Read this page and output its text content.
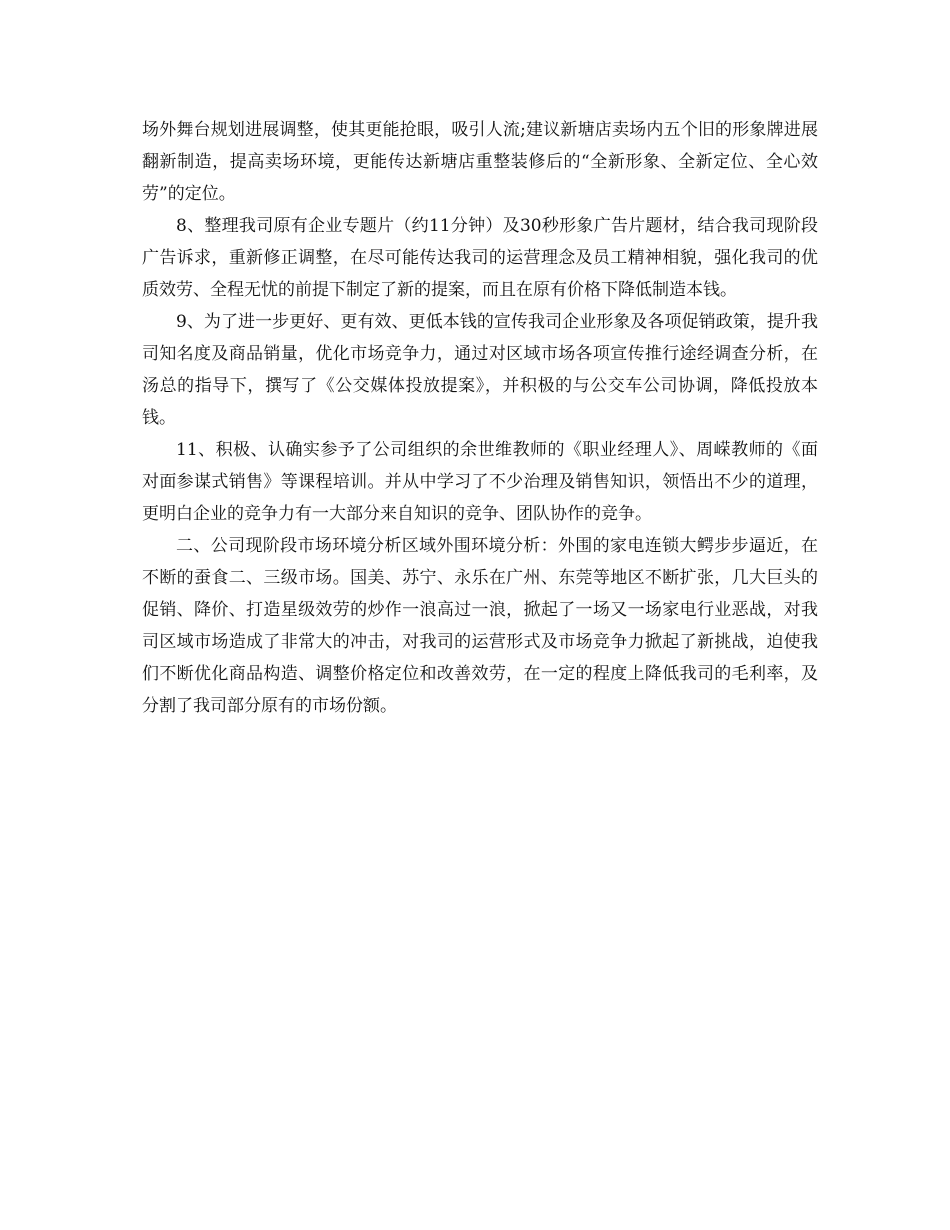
场外舞台规划进展调整，使其更能抢眼，吸引人流;建议新塘店卖场内五个旧的形象牌进展翻新制造，提高卖场环境，更能传达新塘店重整装修后的“全新形象、全新定位、全心效劳”的定位。

8、整理我司原有企业专题片（约11分钟）及30秒形象广告片题材，结合我司现阶段广告诉求，重新修正调整，在尽可能传达我司的运营理念及员工精神相貌，强化我司的优质效劳、全程无忧的前提下制定了新的提案，而且在原有价格下降低制造本钱。

9、为了进一步更好、更有效、更低本钱的宣传我司企业形象及各项促销政策，提升我司知名度及商品销量，优化市场竞争力，通过对区域市场各项宣传推行途经调查分析，在汤总的指导下，撰写了《公交媒体投放提案》，并积极的与公交车公司协调，降低投放本钱。

11、积极、认确实参予了公司组织的余世维教师的《职业经理人》、周嵘教师的《面对面参谋式销售》等课程培训。并从中学习了不少治理及销售知识，领悟出不少的道理，更明白企业的竞争力有一大部分来自知识的竞争、团队协作的竞争。

二、公司现阶段市场环境分析区域外围环境分析：外围的家电连锁大鳄步步逼近，在不断的蚕食二、三级市场。国美、苏宁、永乐在广州、东莞等地区不断扩张，几大巨头的促销、降价、打造星级效劳的炒作一浪高过一浪，掀起了一场又一场家电行业恶战，对我司区域市场造成了非常大的冲击，对我司的运营形式及市场竞争力掀起了新挑战，迫使我们不断优化商品构造、调整价格定位和改善效劳，在一定的程度上降低我司的毛利率，及分割了我司部分原有的市场份额。
